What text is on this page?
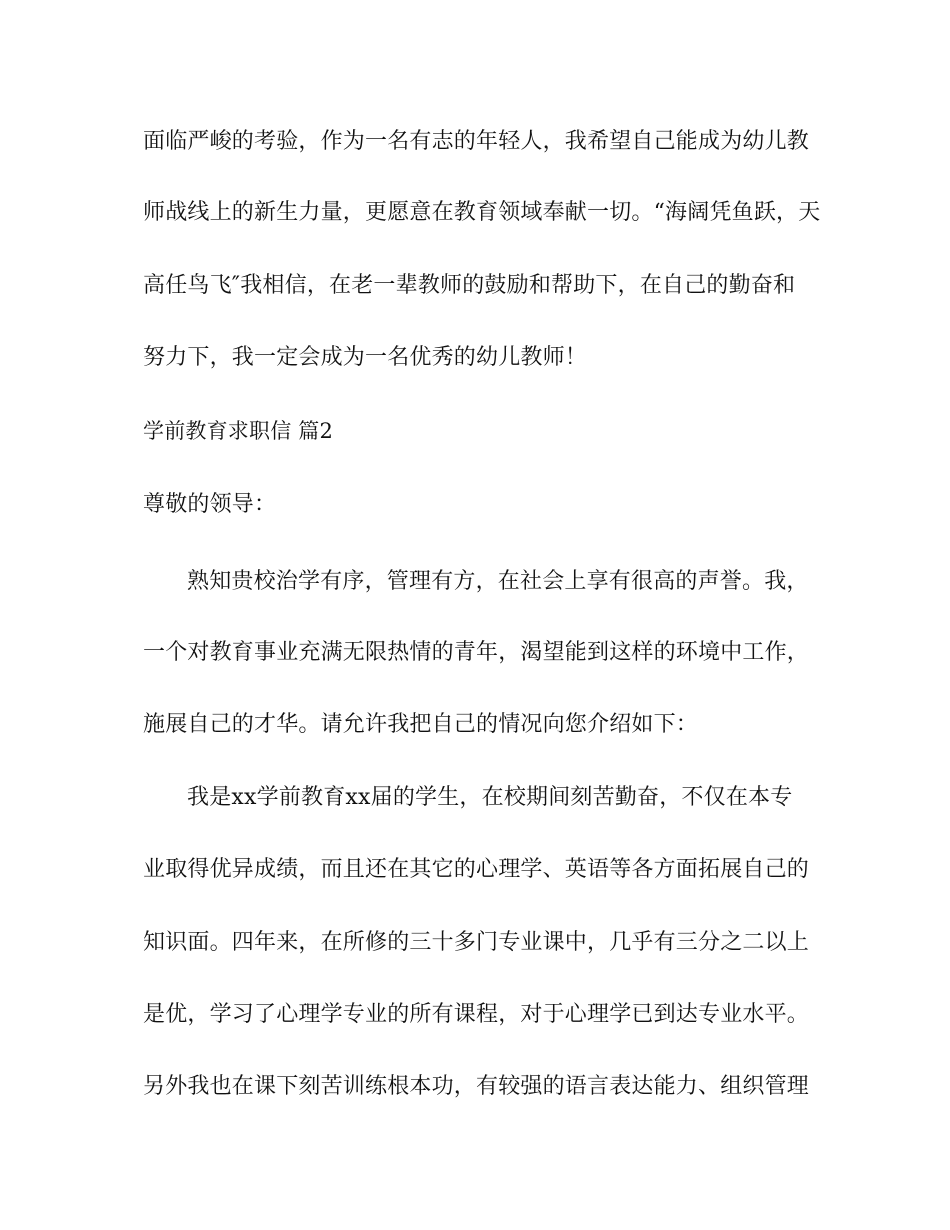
面临严峻的考验，作为一名有志的年轻人，我希望自己能成为幼儿教
师战线上的新生力量，更愿意在教育领域奉献一切。“海阔凭鱼跃，天
高任鸟飞″我相信，在老一辈教师的鼓励和帮助下，在自己的勤奋和
努力下，我一定会成为一名优秀的幼儿教师！
学前教育求职信 篇2
尊敬的领导：
熟知贵校治学有序，管理有方，在社会上享有很高的声誉。我，
一个对教育事业充满无限热情的青年，渴望能到这样的环境中工作，
施展自己的才华。请允许我把自己的情况向您介绍如下：
我是xx学前教育xx届的学生，在校期间刻苦勤奋，不仅在本专
业取得优异成绩，而且还在其它的心理学、英语等各方面拓展自己的
知识面。四年来，在所修的三十多门专业课中，几乎有三分之二以上
是优，学习了心理学专业的所有课程，对于心理学已到达专业水平。
另外我也在课下刻苦训练根本功，有较强的语言表达能力、组织管理
